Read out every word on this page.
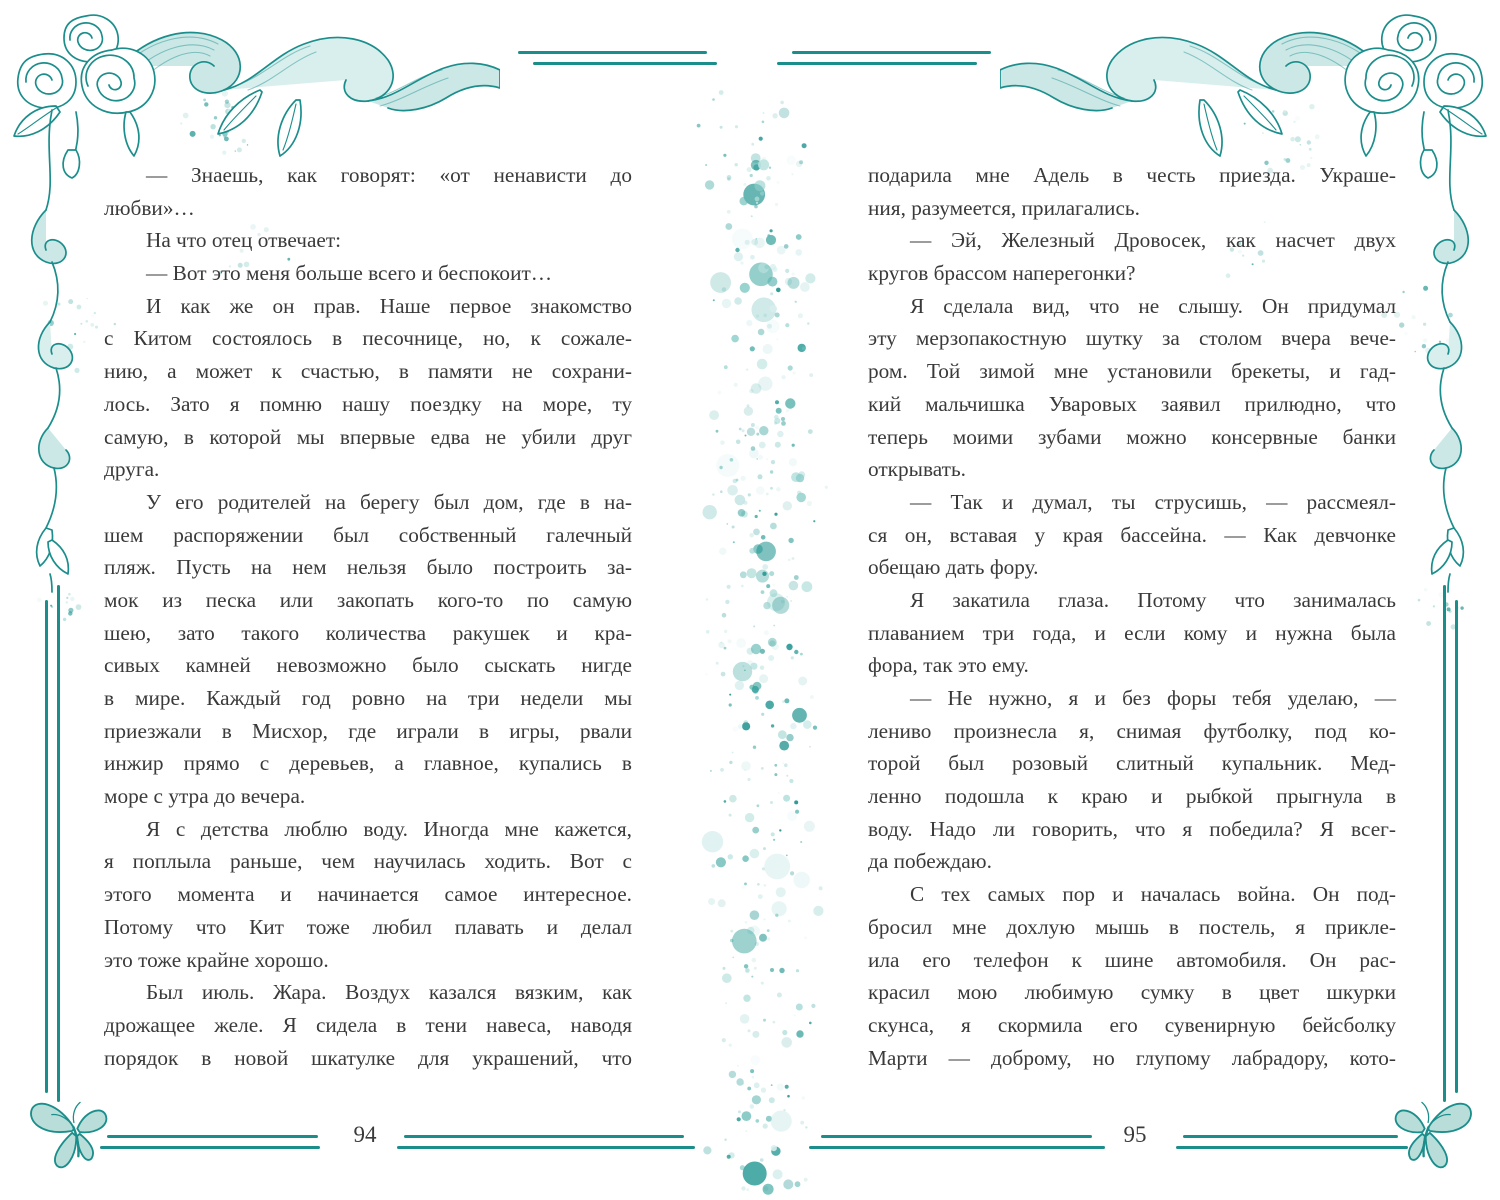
— Знаешь, как говорят: «от ненависти до
любви»…
На что отец отвечает:
— Вот это меня больше всего и беспокоит…
И как же он прав. Наше первое знакомство
с Китом состоялось в песочнице, но, к сожале-
нию, а может к счастью, в памяти не сохрани-
лось. Зато я помню нашу поездку на море, ту
самую, в которой мы впервые едва не убили друг
друга.
У его родителей на берегу был дом, где в на-
шем распоряжении был собственный галечный
пляж. Пусть на нем нельзя было построить за-
мок из песка или закопать кого-то по самую
шею, зато такого количества ракушек и кра-
сивых камней невозможно было сыскать нигде
в мире. Каждый год ровно на три недели мы
приезжали в Мисхор, где играли в игры, рвали
инжир прямо с деревьев, а главное, купались в
море с утра до вечера.
Я с детства люблю воду. Иногда мне кажется,
я поплыла раньше, чем научилась ходить. Вот с
этого момента и начинается самое интересное.
Потому что Кит тоже любил плавать и делал
это тоже крайне хорошо.
Был июль. Жара. Воздух казался вязким, как
дрожащее желе. Я сидела в тени навеса, наводя
порядок в новой шкатулке для украшений, что
подарила мне Адель в честь приезда. Украше-
ния, разумеется, прилагались.
— Эй, Железный Дровосек, как насчет двух
кругов брассом наперегонки?
Я сделала вид, что не слышу. Он придумал
эту мерзопакостную шутку за столом вчера вече-
ром. Той зимой мне установили брекеты, и гад-
кий мальчишка Уваровых заявил прилюдно, что
теперь моими зубами можно консервные банки
открывать.
— Так и думал, ты струсишь, — рассмеял-
ся он, вставая у края бассейна. — Как девчонке
обещаю дать фору.
Я закатила глаза. Потому что занималась
плаванием три года, и если кому и нужна была
фора, так это ему.
— Не нужно, я и без форы тебя уделаю, —
лениво произнесла я, снимая футболку, под ко-
торой был розовый слитный купальник. Мед-
ленно подошла к краю и рыбкой прыгнула в
воду. Надо ли говорить, что я победила? Я всег-
да побеждаю.
С тех самых пор и началась война. Он под-
бросил мне дохлую мышь в постель, я прикле-
ила его телефон к шине автомобиля. Он рас-
красил мою любимую сумку в цвет шкурки
скунса, я скормила его сувенирную бейсболку
Марти — доброму, но глупому лабрадору, кото-
94	95
